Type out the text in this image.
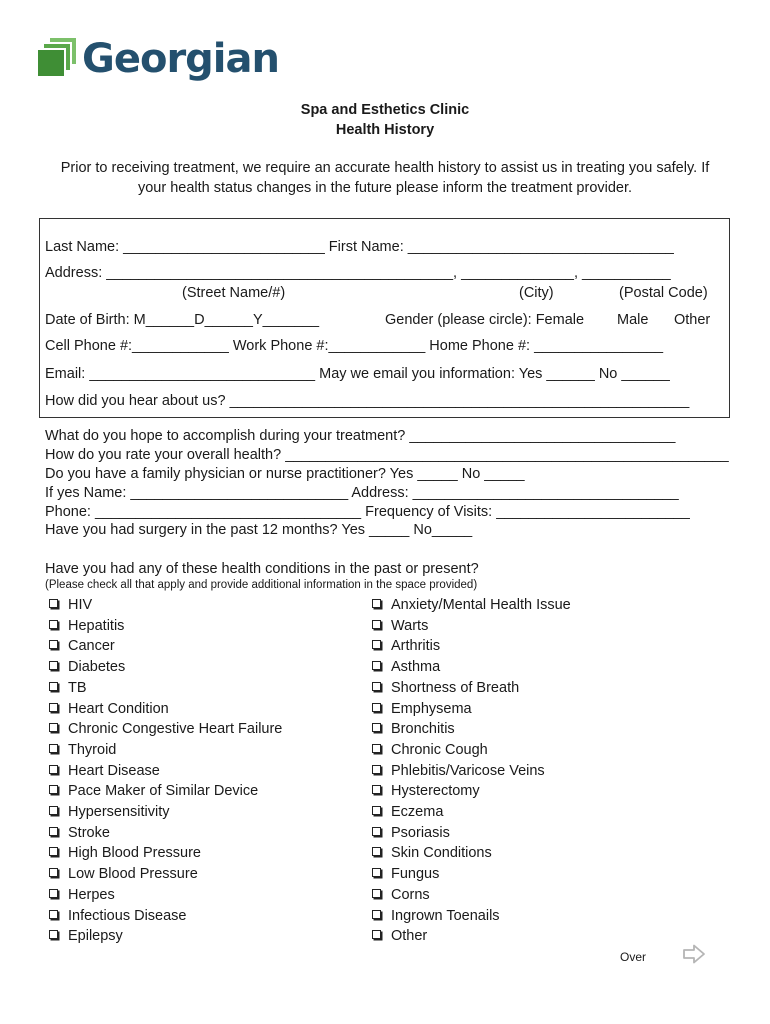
Georgian
Spa and Esthetics Clinic
Health History
Prior to receiving treatment, we require an accurate health history to assist us in treating you safely. If
your health status changes in the future please inform the treatment provider.
Last Name: _________________________ First Name: _________________________________
Address: ___________________________________________, ______________, ___________
(Street Name/#)	(City)	(Postal Code)
Date of Birth: M______D______Y_______	Gender (please circle): Female Male Other
Cell Phone #:____________ Work Phone #:____________ Home Phone #: ________________
Email: ____________________________ May we email you information: Yes ______ No ______
How did you hear about us? _________________________________________________________
What do you hope to accomplish during your treatment? _________________________________
How do you rate your overall health? _______________________________________________________
Do you have a family physician or nurse practitioner? Yes _____ No _____
If yes Name: ___________________________ Address: _________________________________
Phone: _________________________________ Frequency of Visits: ________________________
Have you had surgery in the past 12 months? Yes _____ No_____
Have you had any of these health conditions in the past or present?
(Please check all that apply and provide additional information in the space provided)
HIV
Hepatitis
Cancer
Diabetes
TB
Heart Condition
Chronic Congestive Heart Failure
Thyroid
Heart Disease
Pace Maker of Similar Device
Hypersensitivity
Stroke
High Blood Pressure
Low Blood Pressure
Herpes
Infectious Disease
Epilepsy
Anxiety/Mental Health Issue
Warts
Arthritis
Asthma
Shortness of Breath
Emphysema
Bronchitis
Chronic Cough
Phlebitis/Varicose Veins
Hysterectomy
Eczema
Psoriasis
Skin Conditions
Fungus
Corns
Ingrown Toenails
Other
Over
